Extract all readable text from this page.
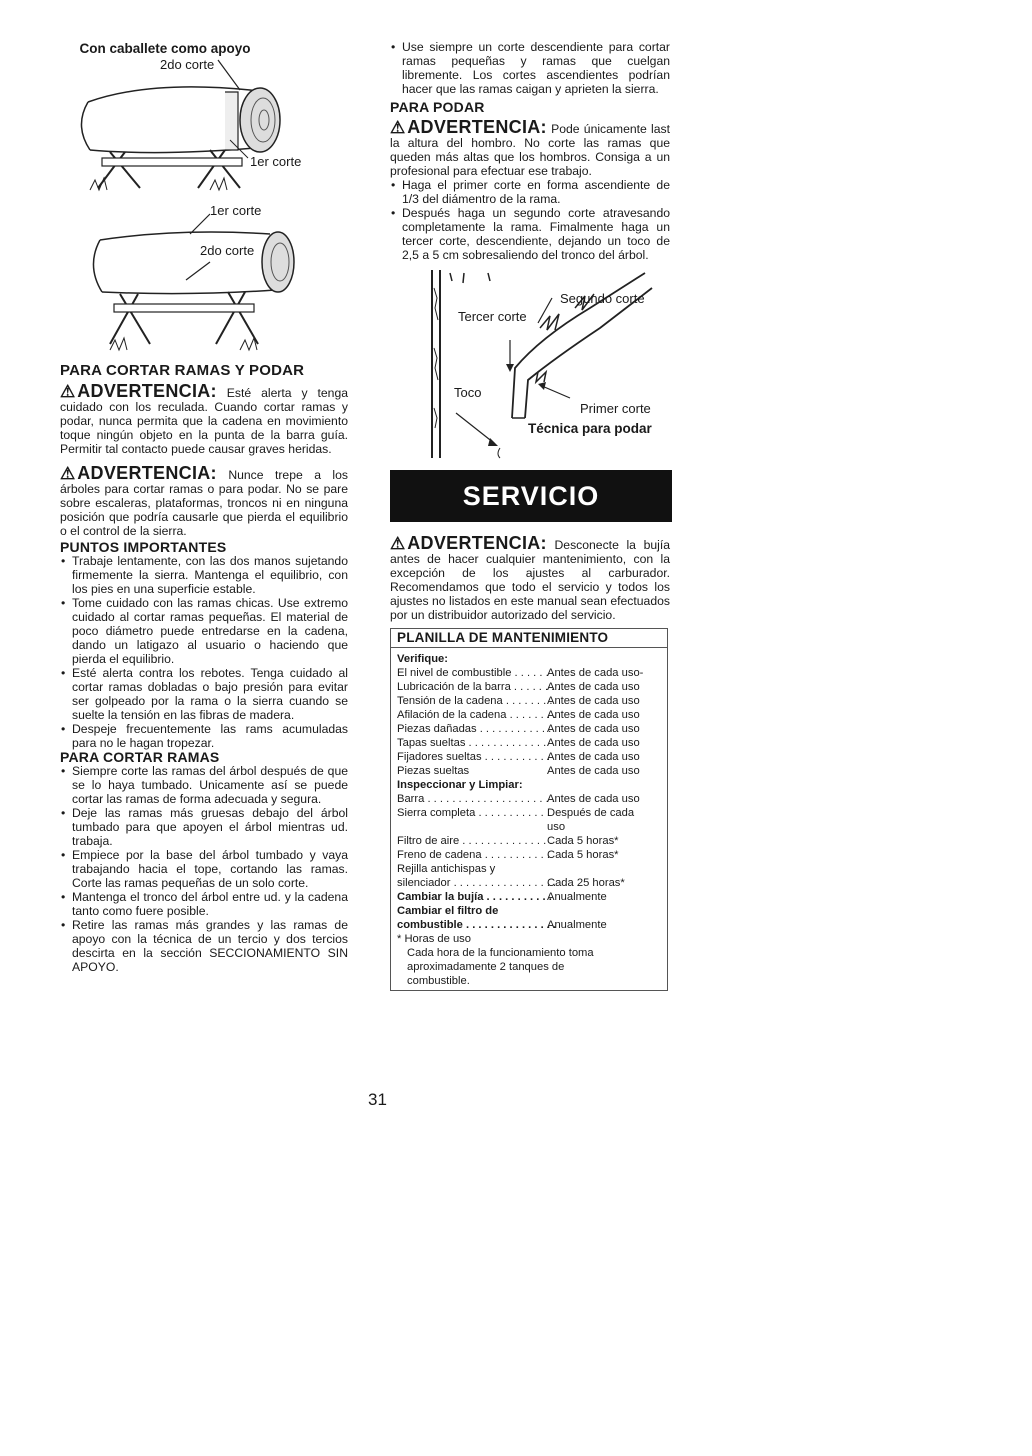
Con caballete como apoyo
2do corte
1er corte
1er corte
2do corte
PARA CORTAR RAMAS Y PODAR

⚠ ADVERTENCIA: Esté alerta y tenga cuidado con los reculada. Cuando cortar ramas y podar, nunca permita que la cadena en movimiento toque ningún objeto en la punta de la barra guía. Permitir tal contacto puede causar graves heridas.

⚠ ADVERTENCIA: Nunce trepe a los árboles para cortar ramas o para podar. No se pare sobre escaleras, plataformas, troncos ni en ninguna posición que podría causarle que pierda el equilibrio o el control de la sierra.

PUNTOS IMPORTANTES
• Trabaje lentamente, con las dos manos sujetando firmemente la sierra. Mantenga el equilibrio, con los pies en una superficie estable.
• Tome cuidado con las ramas chicas. Use extremo cuidado al cortar ramas pequeñas. El material de poco diámetro puede entredarse en la cadena, dando un latigazo al usuario o haciendo que pierda el equilibrio.
• Esté alerta contra los rebotes. Tenga cuidado al cortar ramas dobladas o bajo presión para evitar ser golpeado por la rama o la sierra cuando se suelte la tensión en las fibras de madera.
• Despeje frecuentemente las rams acumuladas para no le hagan tropezar.
PARA CORTAR RAMAS
• Siempre corte las ramas del árbol después de que se lo haya tumbado. Unicamente así se puede cortar las ramas de forma adecuada y segura.
• Deje las ramas más gruesas debajo del árbol tumbado para que apoyen el árbol mientras ud. trabaja.
• Empiece por la base del árbol tumbado y vaya trabajando hacia el tope, cortando las ramas. Corte las ramas pequeñas de un solo corte.
• Mantenga el tronco del árbol entre ud. y la cadena tanto como fuere posible.
• Retire las ramas más grandes y las ramas de apoyo con la técnica de un tercio y dos tercios descirta en la sección SECCIONAMIENTO SIN APOYO.
• Use siempre un corte descendiente para cortar ramas pequeñas y ramas que cuelgan libremente. Los cortes ascendientes podrían hacer que las ramas caigan y aprieten la sierra.
PARA PODAR

⚠ ADVERTENCIA: Pode únicamente last la altura del hombro. No corte las ramas que queden más altas que los hombros. Consiga a un profesional para efectuar ese trabajo.

• Haga el primer corte en forma ascendiente de 1/3 del diámentro de la rama.
• Después haga un segundo corte atravesando completamente la rama. Fimalmente haga un tercer corte, descendiente, dejando un toco de 2,5 a 5 cm sobresaliendo del tronco del árbol.
Segundo corte
Tercer corte
Toco
Primer corte
Técnica para podar
SERVICIO

⚠ ADVERTENCIA: Desconecte la bujía antes de hacer cualquier mantenimiento, con la excepción de los ajustes al carburador. Recomendamos que todo el servicio y todos los ajustes no listados en este manual sean efectuados por un distribuidor autorizado del servicio.

PLANILLA DE MANTENIMIENTO
Verifique:
El nivel de combustible . . . . . . . . . .
Antes de cada uso-
Lubricación de la barra . . . . . . . .
Antes de cada uso
Tensión de la cadena . . . . . . . .
Antes de cada uso
Afilación de la cadena . . . . . . . .
Antes de cada uso
Piezas dañadas . . . . . . . . . . . .
Antes de cada uso
Tapas sueltas . . . . . . . . . . . . . Antes de cada uso
Fijadores sueltas . . . . . . . . . . .
Antes de cada uso
Piezas sueltas	Antes de cada uso
Inspeccionar y Limpiar:
Barra . . . . . . . . . . . . . . . . . . . . .
Antes de cada uso
Sierra completa . . . . . . . . . . . .
Después de cada
uso
Filtro de aire . . . . . . . . . . . . . . .
Cada 5 horas*
Freno de cadena . . . . . . . . . . .
Cada 5 horas*
Rejilla antichispas y
silenciador . . . . . . . . . . . . . . . . .
Cada 25 horas*
Cambiar la bujía . . . . . . . . . . .
Anualmente
Cambiar el filtro de
combustible . . . . . . . . . . . . . . .
Anualmente
* Horas de uso
Cada hora de la funcionamiento toma
aproximadamente 2 tanques de
combustible.
31
